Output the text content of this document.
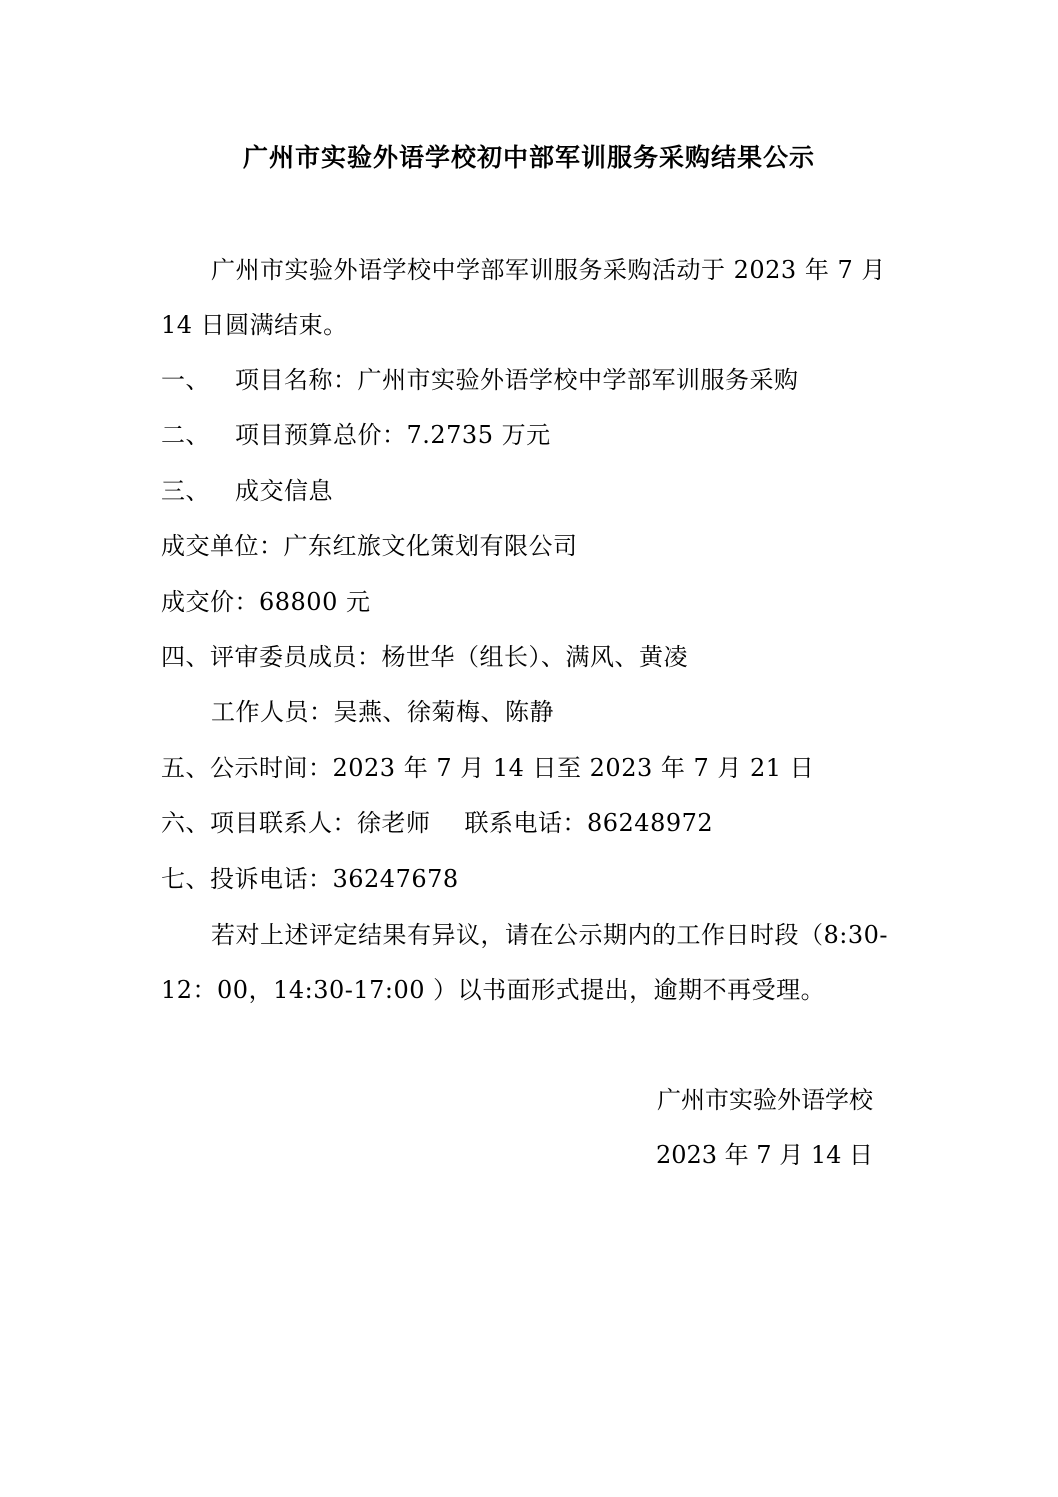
广州市实验外语学校初中部军训服务采购结果公示
广州市实验外语学校中学部军训服务采购活动于 2023 年 7 月
14 日圆满结束。
一、 项目名称：广州市实验外语学校中学部军训服务采购
二、 项目预算总价：7.2735 万元
三、 成交信息
成交单位：广东红旅文化策划有限公司
成交价：68800 元
四、评审委员成员：杨世华（组长）、满风、黄凌
工作人员：吴燕、徐菊梅、陈静
五、公示时间：2023 年 7 月 14 日至 2023 年 7 月 21 日
六、项目联系人：徐老师 联系电话：86248972
七、投诉电话：36247678
若对上述评定结果有异议，请在公示期内的工作日时段（8:30-
12：00，14:30-17:00 ）以书面形式提出，逾期不再受理。
广州市实验外语学校
2023 年 7 月 14 日
